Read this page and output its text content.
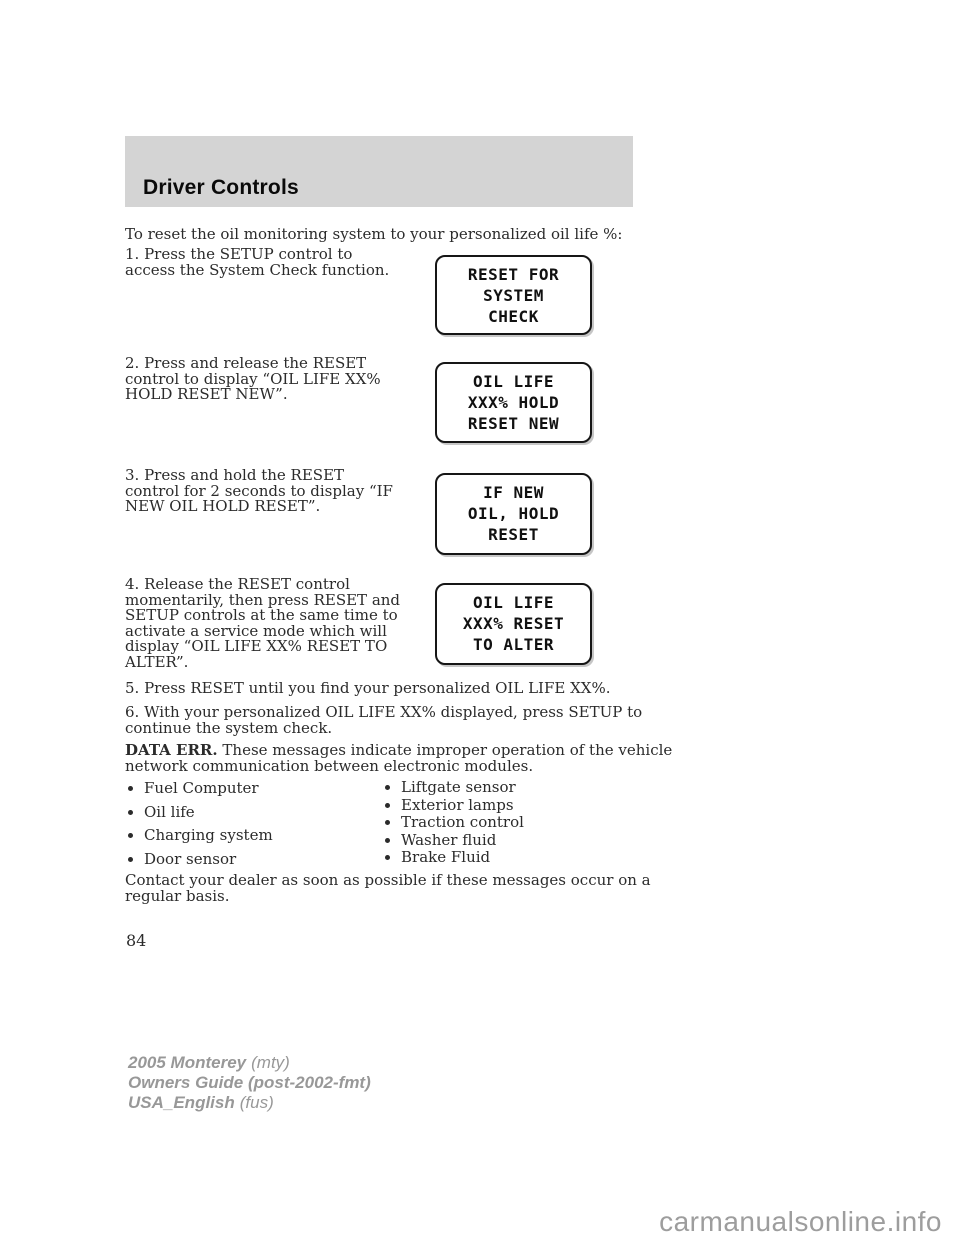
Driver Controls
To reset the oil monitoring system to your personalized oil life %:
1. Press the SETUP control to
access the System Check function.	RESET FOR
SYSTEM
CHECK
2. Press and release the RESET
control to display “OIL LIFE XX%
HOLD RESET NEW”.
OIL LIFE
XXX% HOLD
RESET NEW
3. Press and hold the RESET
control for 2 seconds to display “IF
NEW OIL HOLD RESET”.
IF NEW
OIL, HOLD
RESET
4. Release the RESET control
momentarily, then press RESET and
SETUP controls at the same time to
activate a service mode which will
display “OIL LIFE XX% RESET TO
ALTER”.
OIL LIFE
XXX% RESET
TO ALTER
5. Press RESET until you find your personalized OIL LIFE XX%.
6. With your personalized OIL LIFE XX% displayed, press SETUP to
continue the system check.
DATA ERR. These messages indicate improper operation of the vehicle
network communication between electronic modules.
Fuel Computer
Oil life
Charging system
Door sensor
Liftgate sensor
Exterior lamps
Traction control
Washer fluid
Brake Fluid
Contact your dealer as soon as possible if these messages occur on a
regular basis.
84
2005 Monterey (mty)
Owners Guide (post-2002-fmt)
USA_English (fus)
carmanualsonline.info
